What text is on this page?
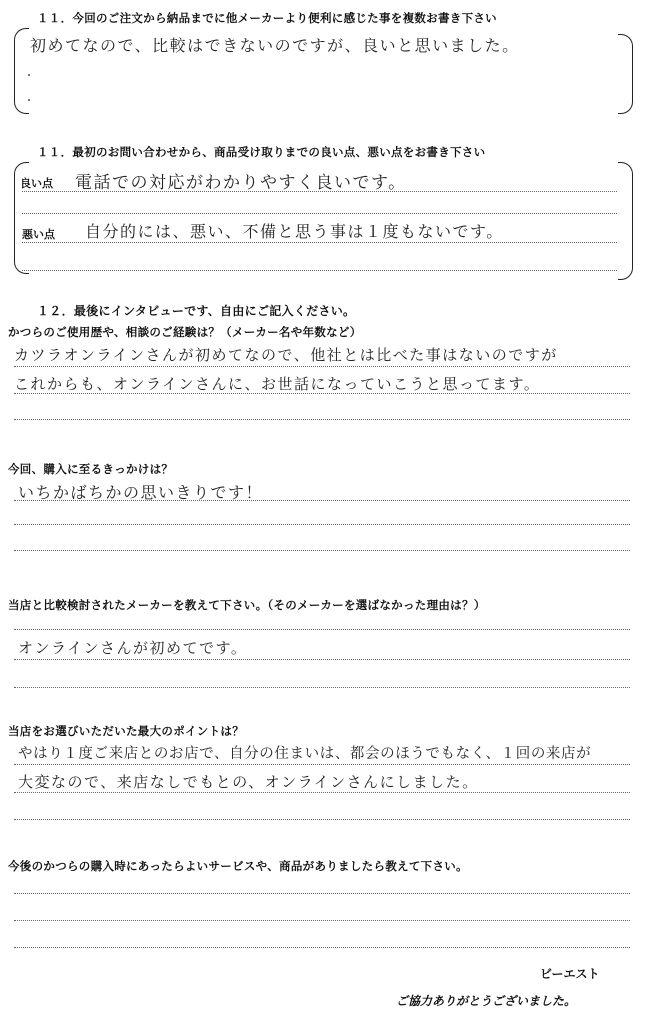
１１．今回のご注文から納品までに他メーカーより便利に感じた事を複数お書き下さい
初めてなので、比較はできないのですが、良いと思いました。
・
・
１１．最初のお問い合わせから、商品受け取りまでの良い点、悪い点をお書き下さい
良い点 電話での対応がわかりやすく良いです。
悪い点 自分的には、悪い、不備と思う事は１度もないです。
１２．最後にインタビューです、自由にご記入ください。
かつらのご使用歴や、相談のご経験は？（メーカー名や年数など）
カツラオンラインさんが初めてなので、他社とは比べた事はないのですが
これからも、オンラインさんに、お世話になっていこうと思ってます。
今回、購入に至るきっかけは？
いちかばちかの思いきりです！
当店と比較検討されたメーカーを教えて下さい。（そのメーカーを選ばなかった理由は？）
オンラインさんが初めてです。
当店をお選びいただいた最大のポイントは？
やはり１度ご来店とのお店で、自分の住まいは、都会のほうでもなく、１回の来店が
大変なので、来店なしでもとの、オンラインさんにしました。
今後のかつらの購入時にあったらよいサービスや、商品がありましたら教えて下さい。
ビーエスト
ご協力ありがとうございました。
